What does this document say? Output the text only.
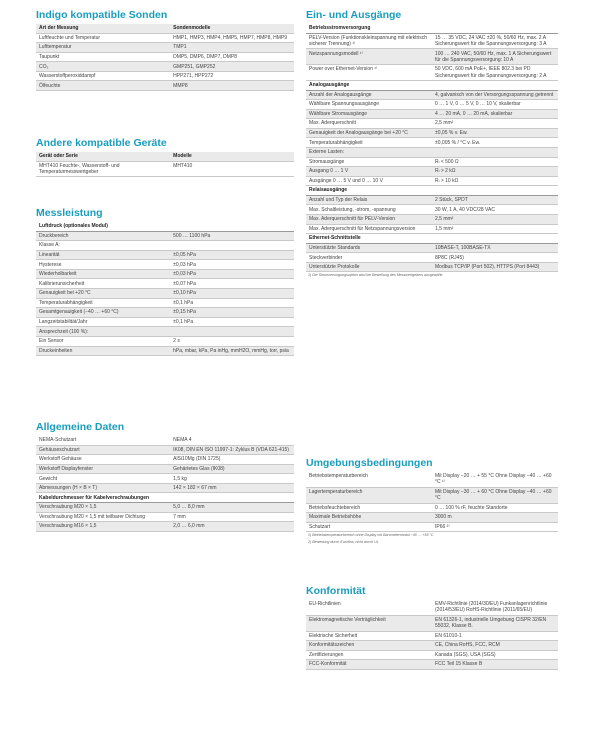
Indigo kompatible Sonden
Art der Messung	Sondenmodelle
Luftfeuchte und Temperatur	HMP1, HMP3, HMP4, HMP5, HMP7, HMP8, HMP9
Lufttemperatur	TMP1
Taupunkt	DMP5, DMP6, DMP7, DMP8
CO₂	GMP251, GMP252
Wasserstoffperoxiddampf	HPP271, HPP272
Ölfeuchte	MMP8
Andere kompatible Geräte
Gerät oder Serie	Modelle
MHT410 Feuchte-, Wasserstoff- und Temperaturmesswertgeber	MHT410
Messleistung
Luftdruck (optionales Modul)	
Druckbereich	500 … 1100 hPa
Klasse A:	
Linearität	±0,05 hPa
Hysterese	±0,03 hPa
Wiederholbarkeit	±0,03 hPa
Kalibrierunsicherheit	±0,07 hPa
Genauigkeit bei +20 °C	±0,10 hPa
Temperaturabhängigkeit	±0,1 hPa
Gesamtgenauigkeit (−40 … +60 °C)	±0,15 hPa
Langzeitstabilität/Jahr	±0,1 hPa
Ansprechzeit (100 %):	
Ein Sensor	2 s
Druckeinheiten	hPa, mbar, kPa, Pa inHg, mmH2O, mmHg, torr, psia
Allgemeine Daten
NEMA-Schutzart	NEMA 4
Gehäuseschutzart	IK08, DIN EN ISO 11997-1: Zyklus B (VDA 621-415)
Werkstoff Gehäuse	AlSi10Mg (DIN 1725)
Werkstoff Displayfenster	Gehärtetes Glas (IK08)
Gewicht	1,5 kg
Abmessungen (H × B × T)	142 × 182 × 67 mm
Kabeldurchmesser für Kabelverschraubungen	
Verschraubung M20 × 1,5	5,0 … 8,0 mm
Verschraubung M20 × 1,5 mit teilbarer Dichtung	7 mm
Verschraubung M16 × 1,5	2,0 … 6,0 mm
Ein- und Ausgänge
Betriebsstromversorgung	
PELV-Version (Funktionskleinspannung mit elektrisch sicherer Trennung) ¹⁾	15 … 35 VDC, 24 VAC ±20 %, 50/60 Hz, max. 2 A Sicherungswert für die Spannungsversorgung: 3 A
Netzspannungsmodell ¹⁾	100 … 240 VAC, 50/60 Hz, max. 1 A Sicherungswert für die Spannungsversorgung: 10 A
Power over Ethernet-Version ¹⁾	50 VDC, 600 mA PoE+, IEEE 802.3 bei PD Sicherungswert für die Spannungsversorgung: 2 A
Analogausgänge	
Anzahl der Analogausgänge	4, galvanisch von der Versorgungsspannung getrennt
Wählbare Spannungsausgänge	0 … 1 V, 0 … 5 V, 0 … 10 V, skalierbar
Wählbare Stromausgänge	4 … 20 mA, 0 … 20 mA, skalierbar
Max. Aderquerschnitt	2,5 mm²
Genauigkeit der Analogausgänge bei +20 °C	±0,05 % v. Ew.
Temperaturabhängigkeit	±0,005 % / °C v. Ew.
Externe Lasten:	
Stromausgänge	Rₗ < 500 Ω
Ausgang 0 … 1 V	Rₗ > 2 kΩ
Ausgänge 0 … 5 V und 0 … 10 V	Rₗ > 10 kΩ
Relaisausgänge	
Anzahl und Typ der Relais	2 Stück, SPDT
Max. Schaltleistung, -strom, -spannung	30 W, 1 A, 40 VDC/28 VAC
Max. Aderquerschnitt für PELV-Version	2,5 mm²
Max. Aderquerschnitt für Netzspannungsversion	1,5 mm²
Ethernet-Schnittstelle	
Unterstützte Standards	10BASE-T, 100BASE-TX
Steckverbinder	8P8C (RJ45)
Unterstützte Protokolle	Modbus TCP/IP (Port 502), HTTPS (Port 8443)
1) Die Stromversorgungsoption wird bei Bestellung des Messwertgebers ausgewählt.
Umgebungsbedingungen
Betriebstemperaturbereich	Mit Display −20 … + 55 °C Ohne Display −40 … +60 °C ¹⁾
Lagertemperaturbereich	Mit Display −30 … + 60 °C Ohne Display −40 … +60 °C
Betriebsfeuchtebereich	0 … 100 % rF, feuchte Standorte
Maximale Betriebshöhe	3000 m
Schutzart	IP66 ²⁾
1) Betriebstemperaturbereich ohne Display mit Barometermodul −40 … +55 °C
2) Bewertung durch Eurofins, nicht durch UL
Konformität
EU-Richtlinien	EMV-Richtlinie (2014/30/EU) Funkanlagenrichtlinie (2014/53/EU) RoHS-Richtlinie (2011/65/EU)
Elektromagnetische Verträglichkeit	EN 61326-1, industrielle Umgebung CISPR 32/EN 55032, Klasse B.
Elektrische Sicherheit	EN 61010-1
Konformitätszeichen	CE, China RoHS, FCC, RCM
Zertifizierungen	Kanada (SGS), USA (SGS)
FCC-Konformität	FCC Teil 15 Klasse B
